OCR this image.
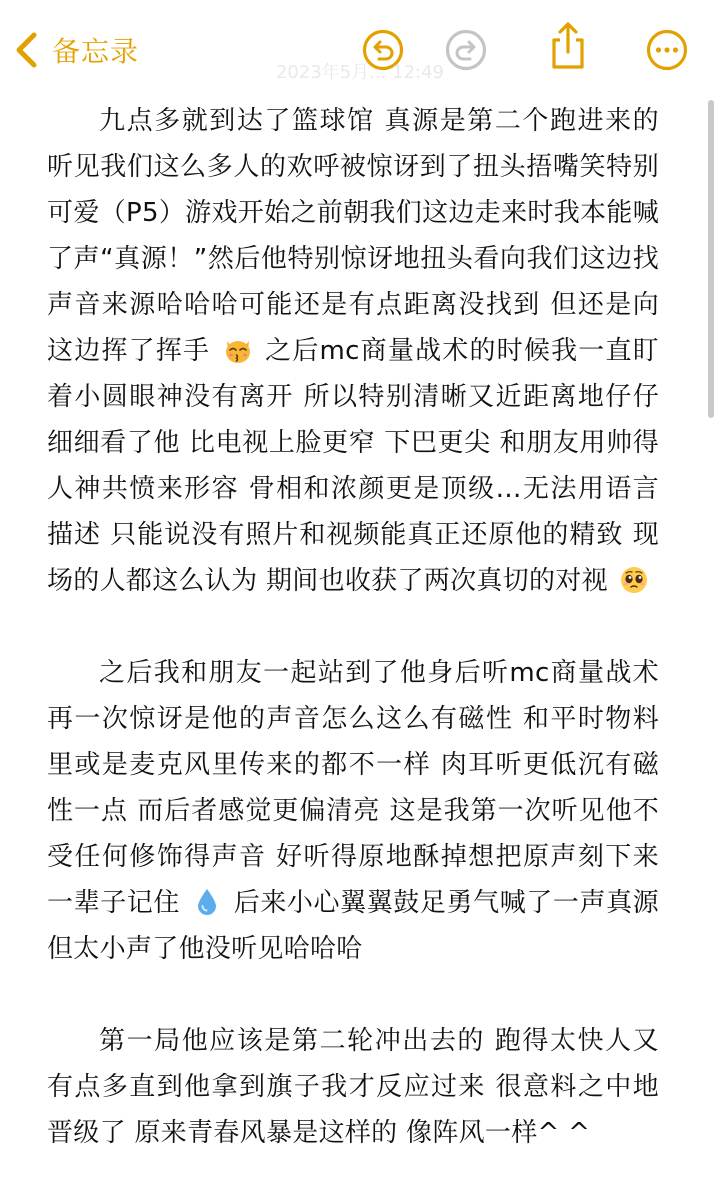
备忘录
2023年5月... 12:49

九点多就到达了篮球馆 真源是第二个跑进来的 听见我们这么多人的欢呼被惊讶到了扭头捂嘴笑特别可爱（P5）游戏开始之前朝我们这边走来时我本能喊了声“真源！”然后他特别惊讶地扭头看向我们这边找声音来源哈哈哈可能还是有点距离没找到 但还是向这边挥了挥手 之后mc商量战术的时候我一直盯着小圆眼神没有离开 所以特别清晰又近距离地仔仔细细看了他 比电视上脸更窄 下巴更尖 和朋友用帅得人神共愤来形容 骨相和浓颜更是顶级…无法用语言描述 只能说没有照片和视频能真正还原他的精致 现场的人都这么认为 期间也收获了两次真切的对视

之后我和朋友一起站到了他身后听mc商量战术 再一次惊讶是他的声音怎么这么有磁性 和平时物料里或是麦克风里传来的都不一样 肉耳听更低沉有磁性一点 而后者感觉更偏清亮 这是我第一次听见他不受任何修饰得声音 好听得原地酥掉想把原声刻下来一辈子记住 后来小心翼翼鼓足勇气喊了一声真源但太小声了他没听见哈哈哈

第一局他应该是第二轮冲出去的 跑得太快人又有点多直到他拿到旗子我才反应过来 很意料之中地晋级了 原来青春风暴是这样的 像阵风一样^ ^
